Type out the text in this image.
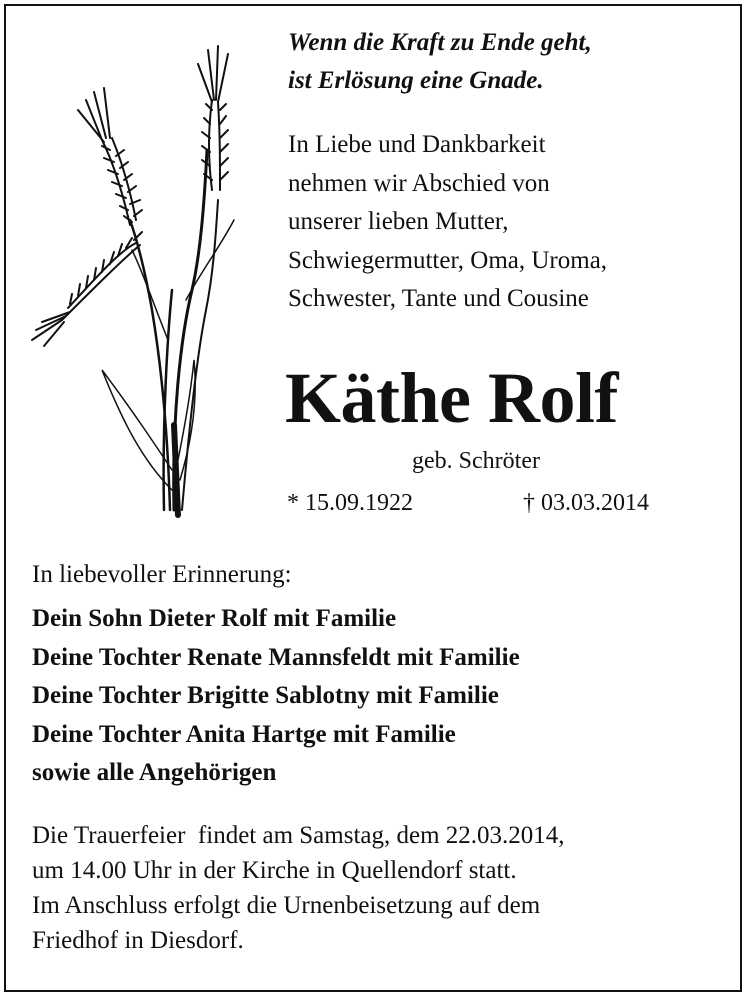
Wenn die Kraft zu Ende geht,
ist Erlösung eine Gnade.
In Liebe und Dankbarkeit
nehmen wir Abschied von
unserer lieben Mutter,
Schwiegermutter, Oma, Uroma,
Schwester, Tante und Cousine
Käthe Rolf
geb. Schröter
* 15.09.1922	† 03.03.2014
In liebevoller Erinnerung:
Dein Sohn Dieter Rolf mit Familie
Deine Tochter Renate Mannsfeldt mit Familie
Deine Tochter Brigitte Sablotny mit Familie
Deine Tochter Anita Hartge mit Familie
sowie alle Angehörigen
Die Trauerfeier  findet am Samstag, dem 22.03.2014,
um 14.00 Uhr in der Kirche in Quellendorf statt.
Im Anschluss erfolgt die Urnenbeisetzung auf dem
Friedhof in Diesdorf.
